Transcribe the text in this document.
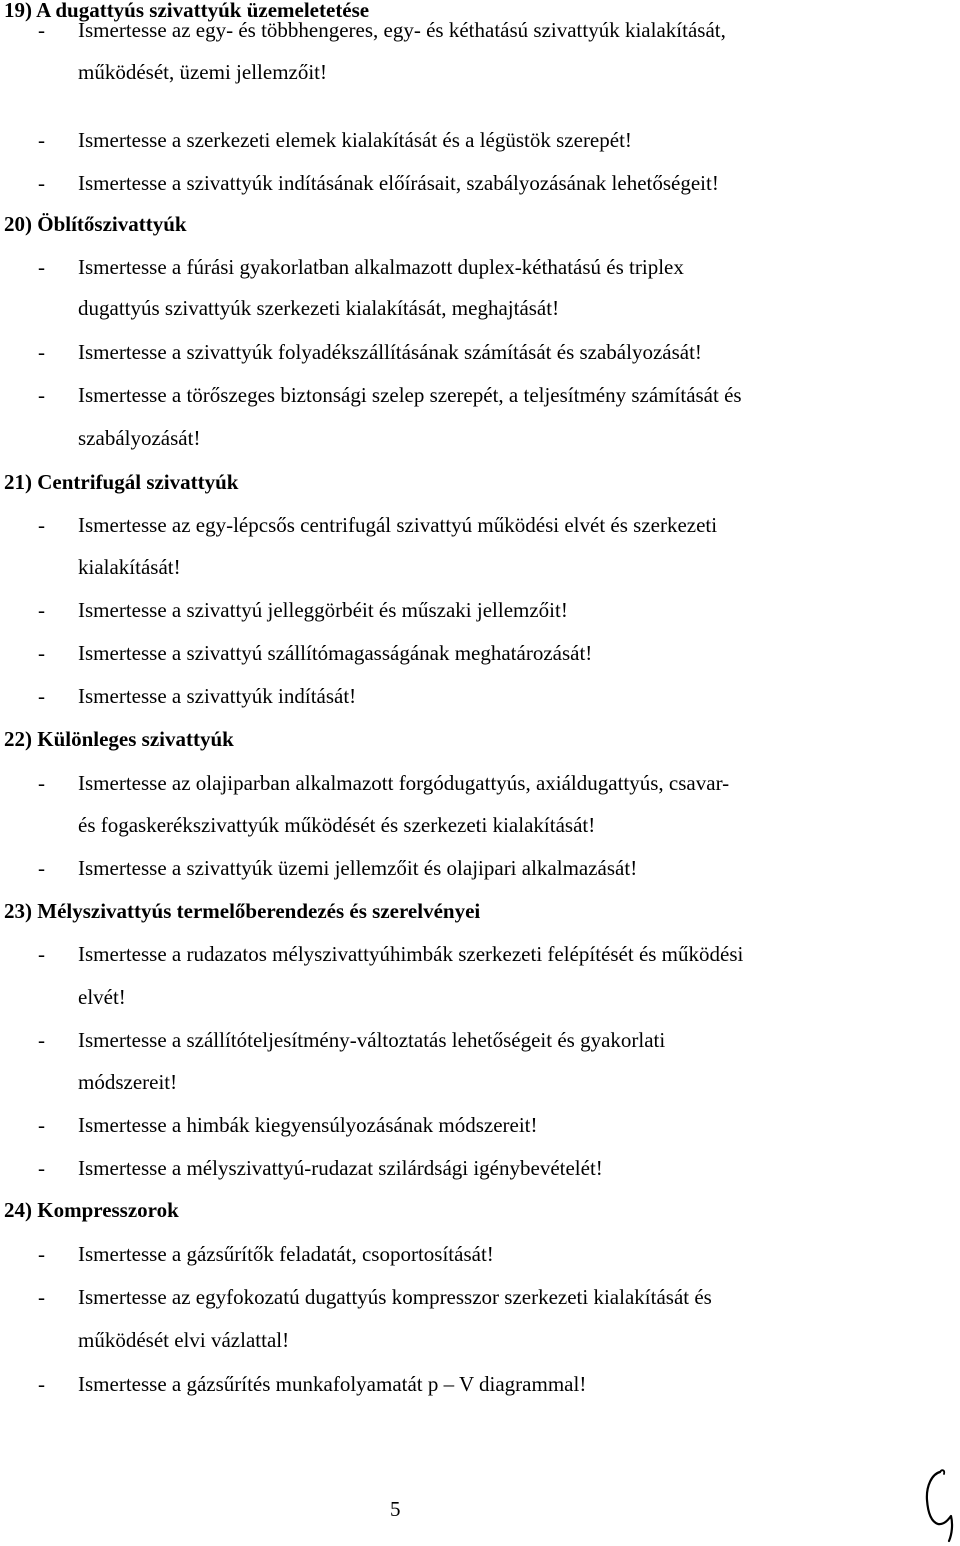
19) A dugattyús szivattyúk üzemeletetése
- Ismertesse az egy- és többhengeres, egy- és kéthatású szivattyúk kialakítását,
működését, üzemi jellemzőit!
- Ismertesse a szerkezeti elemek kialakítását és a légüstök szerepét!
- Ismertesse a szivattyúk indításának előírásait, szabályozásának lehetőségeit!
20) Öblítőszivattyúk
- Ismertesse a fúrási gyakorlatban alkalmazott duplex-kéthatású és triplex
dugattyús szivattyúk szerkezeti kialakítását, meghajtását!
- Ismertesse a szivattyúk folyadékszállításának számítását és szabályozását!
- Ismertesse a törőszeges biztonsági szelep szerepét, a teljesítmény számítását és
szabályozását!
21) Centrifugál szivattyúk
- Ismertesse az egy-lépcsős centrifugál szivattyú működési elvét és szerkezeti
kialakítását!
- Ismertesse a szivattyú jelleggörbéit és műszaki jellemzőit!
- Ismertesse a szivattyú szállítómagasságának meghatározását!
- Ismertesse a szivattyúk indítását!
22) Különleges szivattyúk
- Ismertesse az olajiparban alkalmazott forgódugattyús, axiáldugattyús, csavar-
és fogaskerékszivattyúk működését és szerkezeti kialakítását!
- Ismertesse a szivattyúk üzemi jellemzőit és olajipari alkalmazását!
23) Mélyszivattyús termelőberendezés és szerelvényei
- Ismertesse a rudazatos mélyszivattyúhimbák szerkezeti felépítését és működési
elvét!
- Ismertesse a szállítóteljesítmény-változtatás lehetőségeit és gyakorlati
módszereit!
- Ismertesse a himbák kiegyensúlyozásának módszereit!
- Ismertesse a mélyszivattyú-rudazat szilárdsági igénybevételét!
24) Kompresszorok
- Ismertesse a gázsűrítők feladatát, csoportosítását!
- Ismertesse az egyfokozatú dugattyús kompresszor szerkezeti kialakítását és
működését elvi vázlattal!
- Ismertesse a gázsűrítés munkafolyamatát p – V diagrammal!
5
